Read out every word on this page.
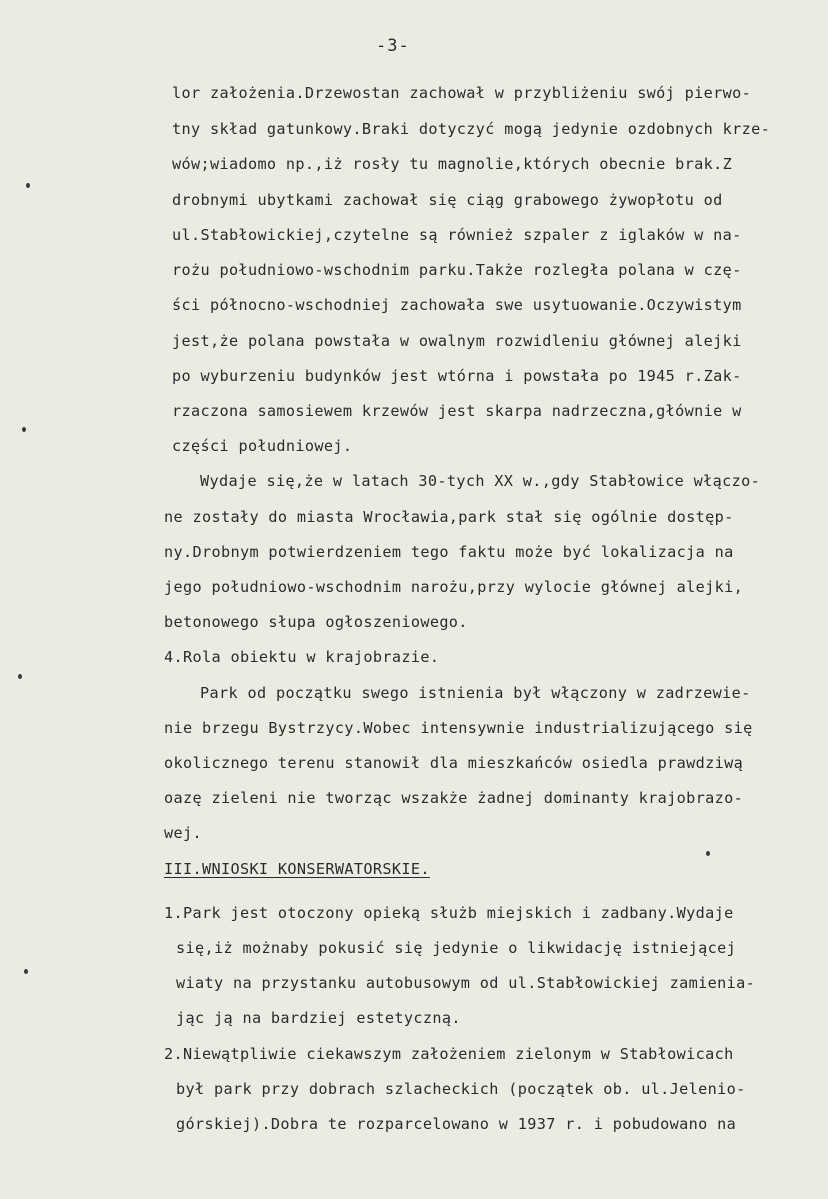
-3-
lor założenia.Drzewostan zachował w przybliżeniu swój pierwo-
tny skład gatunkowy.Braki dotyczyć mogą jedynie ozdobnych krze-
wów;wiadomo np.,iż rosły tu magnolie,których obecnie brak.Z
drobnymi ubytkami zachował się ciąg grabowego żywopłotu od
ul.Stabłowickiej,czytelne są również szpaler z iglaków w na-
rożu południowo-wschodnim parku.Także rozległa polana w czę-
ści północno-wschodniej zachowała swe usytuowanie.Oczywistym
jest,że polana powstała w owalnym rozwidleniu głównej alejki
po wyburzeniu budynków jest wtórna i powstała po 1945 r.Zak-
rzaczona samosiewem krzewów jest skarpa nadrzeczna,głównie w
części południowej.
Wydaje się,że w latach 30-tych XX w.,gdy Stabłowice włączo-
ne zostały do miasta Wrocławia,park stał się ogólnie dostęp-
ny.Drobnym potwierdzeniem tego faktu może być lokalizacja na
jego południowo-wschodnim narożu,przy wylocie głównej alejki,
betonowego słupa ogłoszeniowego.
4.Rola obiektu w krajobrazie.
Park od początku swego istnienia był włączony w zadrzewie-
nie brzegu Bystrzycy.Wobec intensywnie industrializującego się
okolicznego terenu stanowił dla mieszkańców osiedla prawdziwą
oazę zieleni nie tworząc wszakże żadnej dominanty krajobrazo-
wej.
III.WNIOSKI KONSERWATORSKIE.
1.Park jest otoczony opieką służb miejskich i zadbany.Wydaje
się,iż możnaby pokusić się jedynie o likwidację istniejącej
wiaty na przystanku autobusowym od ul.Stabłowickiej zamienia-
jąc ją na bardziej estetyczną.
2.Niewątpliwie ciekawszym założeniem zielonym w Stabłowicach
był park przy dobrach szlacheckich (początek ob. ul.Jelenio-
górskiej).Dobra te rozparcelowano w 1937 r. i pobudowano na
